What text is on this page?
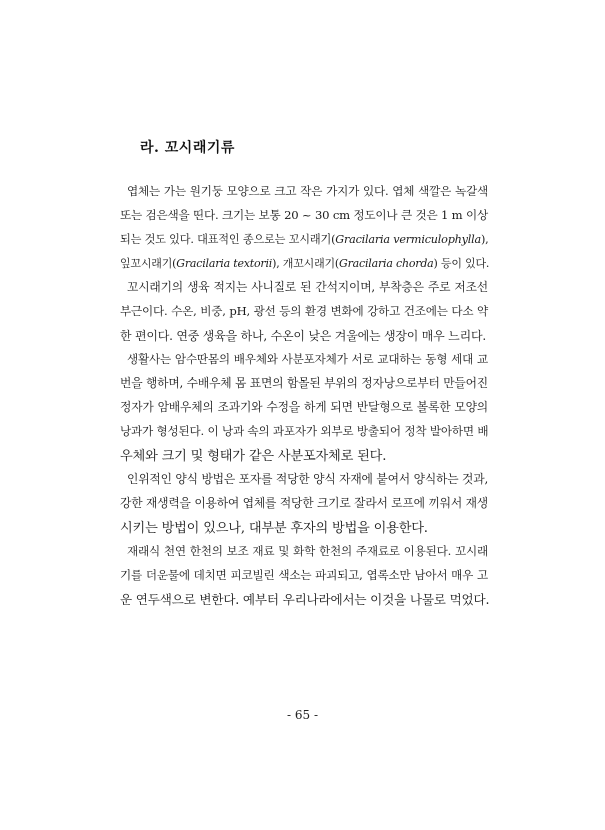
라. 꼬시래기류
엽체는 가는 원기둥 모양으로 크고 작은 가지가 있다. 엽체 색깔은 녹갈색
또는 검은색을 띤다. 크기는 보통 20 ~ 30 cm 정도이나 큰 것은 1 m 이상
되는 것도 있다. 대표적인 종으로는 꼬시래기(Gracilaria vermiculophylla),
잎꼬시래기(Gracilaria textorii), 개꼬시래기(Gracilaria chorda) 등이 있다.
꼬시래기의 생육 적지는 사니질로 된 간석지이며, 부착층은 주로 저조선
부근이다. 수온, 비중, pH, 광선 등의 환경 변화에 강하고 건조에는 다소 약
한 편이다. 연중 생육을 하나, 수온이 낮은 겨울에는 생장이 매우 느리다.
생활사는 암수딴몸의 배우체와 사분포자체가 서로 교대하는 동형 세대 교
번을 행하며, 수배우체 몸 표면의 함몰된 부위의 정자낭으로부터 만들어진
정자가 암배우체의 조과기와 수정을 하게 되면 반달형으로 볼록한 모양의
낭과가 형성된다. 이 낭과 속의 과포자가 외부로 방출되어 정착 발아하면 배
우체와 크기 및 형태가 같은 사분포자체로 된다.
인위적인 양식 방법은 포자를 적당한 양식 자재에 붙여서 양식하는 것과,
강한 재생력을 이용하여 엽체를 적당한 크기로 잘라서 로프에 끼워서 재생
시키는 방법이 있으나, 대부분 후자의 방법을 이용한다.
재래식 천연 한천의 보조 재료 및 화학 한천의 주재료로 이용된다. 꼬시래
기를 더운물에 데치면 피코빌린 색소는 파괴되고, 엽록소만 남아서 매우 고
운 연두색으로 변한다. 예부터 우리나라에서는 이것을 나물로 먹었다.
- 65 -
